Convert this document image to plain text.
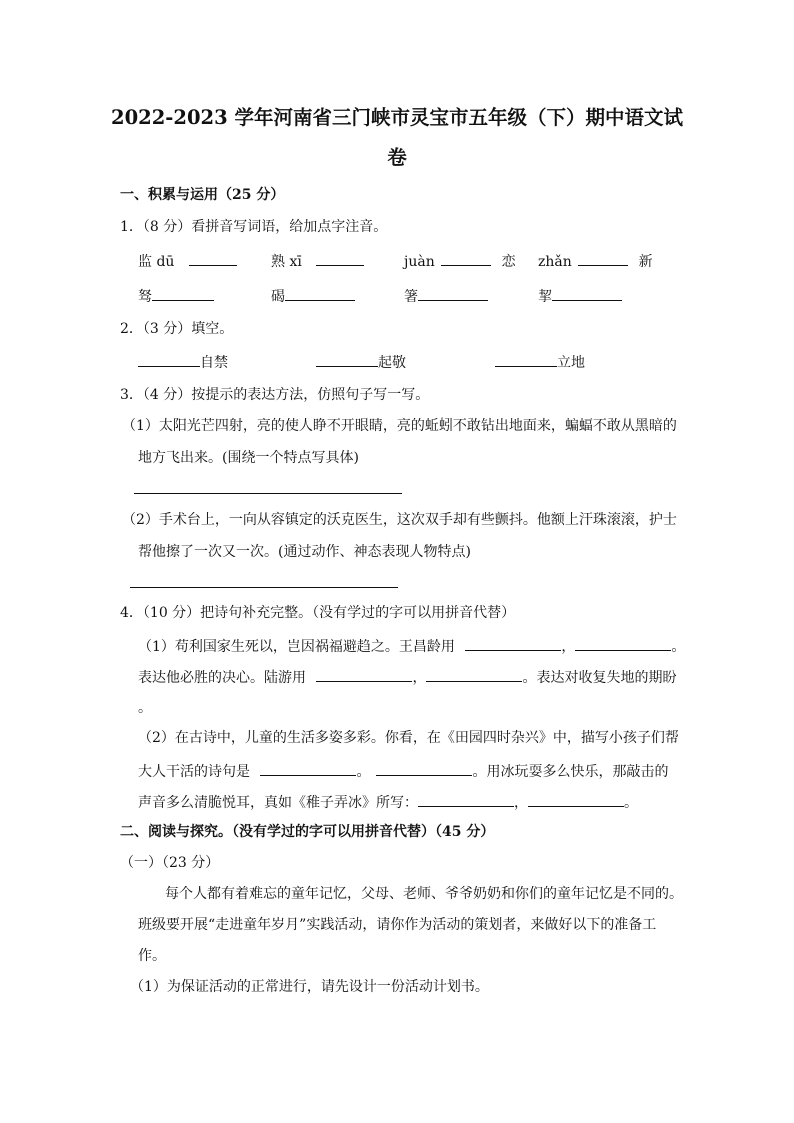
2022-2023 学年河南省三门峡市灵宝市五年级（下）期中语文试
卷
一、积累与运用（25 分）
1．（8 分）看拼音写词语，给加点字注音。
监 dū	熟 xī	juàn	恋 zhǎn	新
驽	碣	箸	挈
2．（3 分）填空。
自禁	起敬	立地
3．（4 分）按提示的表达方法，仿照句子写一写。
（1）太阳光芒四射，亮的使人睁不开眼睛，亮的蚯蚓不敢钻出地面来，蝙蝠不敢从黑暗的
地方飞出来。(围绕一个特点写具体)
（2）手术台上，一向从容镇定的沃克医生，这次双手却有些颤抖。他额上汗珠滚滚，护士
帮他擦了一次又一次。(通过动作、神态表现人物特点)
4．（10 分）把诗句补充完整。（没有学过的字可以用拼音代替）
（1）苟利国家生死以，岂因祸福避趋之。王昌龄用	，	。
表达他必胜的决心。陆游用	，	。表达对收复失地的期盼
。
（2）在古诗中，儿童的生活多姿多彩。你看，在《田园四时杂兴》中，描写小孩子们帮
大人干活的诗句是	。	。用冰玩耍多么快乐，那敲击的
声音多么清脆悦耳，真如《稚子弄冰》所写：	，	。
二、阅读与探究。（没有学过的字可以用拼音代替）（45 分）
（一）（23 分）
每个人都有着难忘的童年记忆，父母、老师、爷爷奶奶和你们的童年记忆是不同的。
班级要开展“走进童年岁月”实践活动，请你作为活动的策划者，来做好以下的准备工
作。
（1）为保证活动的正常进行，请先设计一份活动计划书。
